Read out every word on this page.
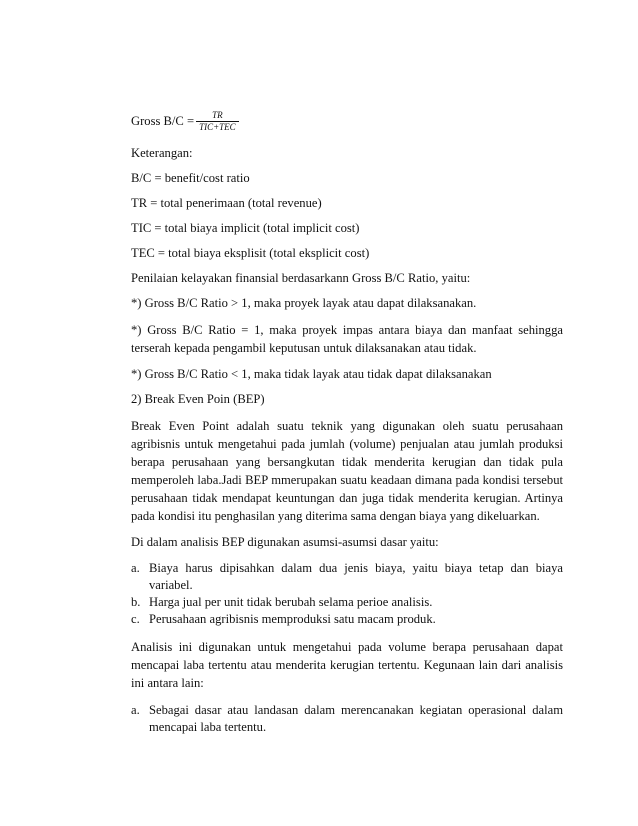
Gross $B/C = \frac{TR}{\text{TIC+TEC}}$

Keterangan:

B/C = benefit/cost ratio

TR = total penerimaan (total revenue)

TIC = total biaya implicit (total implicit cost)

TEC = total biaya eksplisit (total eksplicit cost)

Penilaian kelayakan finansial berdasarkann Gross B/C Ratio, yaitu:

*) Gross B/C Ratio > 1, maka proyek layak atau dapat dilaksanakan.

*) Gross B/C Ratio = 1, maka proyek impas antara biaya dan manfaat sehingga terserah kepada pengambil keputusan untuk dilaksanakan atau tidak.

*) Gross B/C Ratio < 1, maka tidak layak atau tidak dapat dilaksanakan

2) Break Even Poin (BEP)

Break Even Point adalah suatu teknik yang digunakan oleh suatu perusahaan agribisnis untuk mengetahui pada jumlah (volume) penjualan atau jumlah produksi berapa perusahaan yang bersangkutan tidak menderita kerugian dan tidak pula memperoleh laba.Jadi BEP mmerupakan suatu keadaan dimana pada kondisi tersebut perusahaan tidak mendapat keuntungan dan juga tidak menderita kerugian. Artinya pada kondisi itu penghasilan yang diterima sama dengan biaya yang dikeluarkan.

Di dalam analisis BEP digunakan asumsi-asumsi dasar yaitu:

a. Biaya harus dipisahkan dalam dua jenis biaya, yaitu biaya tetap dan biaya variabel.
b. Harga jual per unit tidak berubah selama perioe analisis.
c. Perusahaan agribisnis memproduksi satu macam produk.

Analisis ini digunakan untuk mengetahui pada volume berapa perusahaan dapat mencapai laba tertentu atau menderita kerugian tertentu. Kegunaan lain dari analisis ini antara lain:

a. Sebagai dasar atau landasan dalam merencanakan kegiatan operasional dalam mencapai laba tertentu.
